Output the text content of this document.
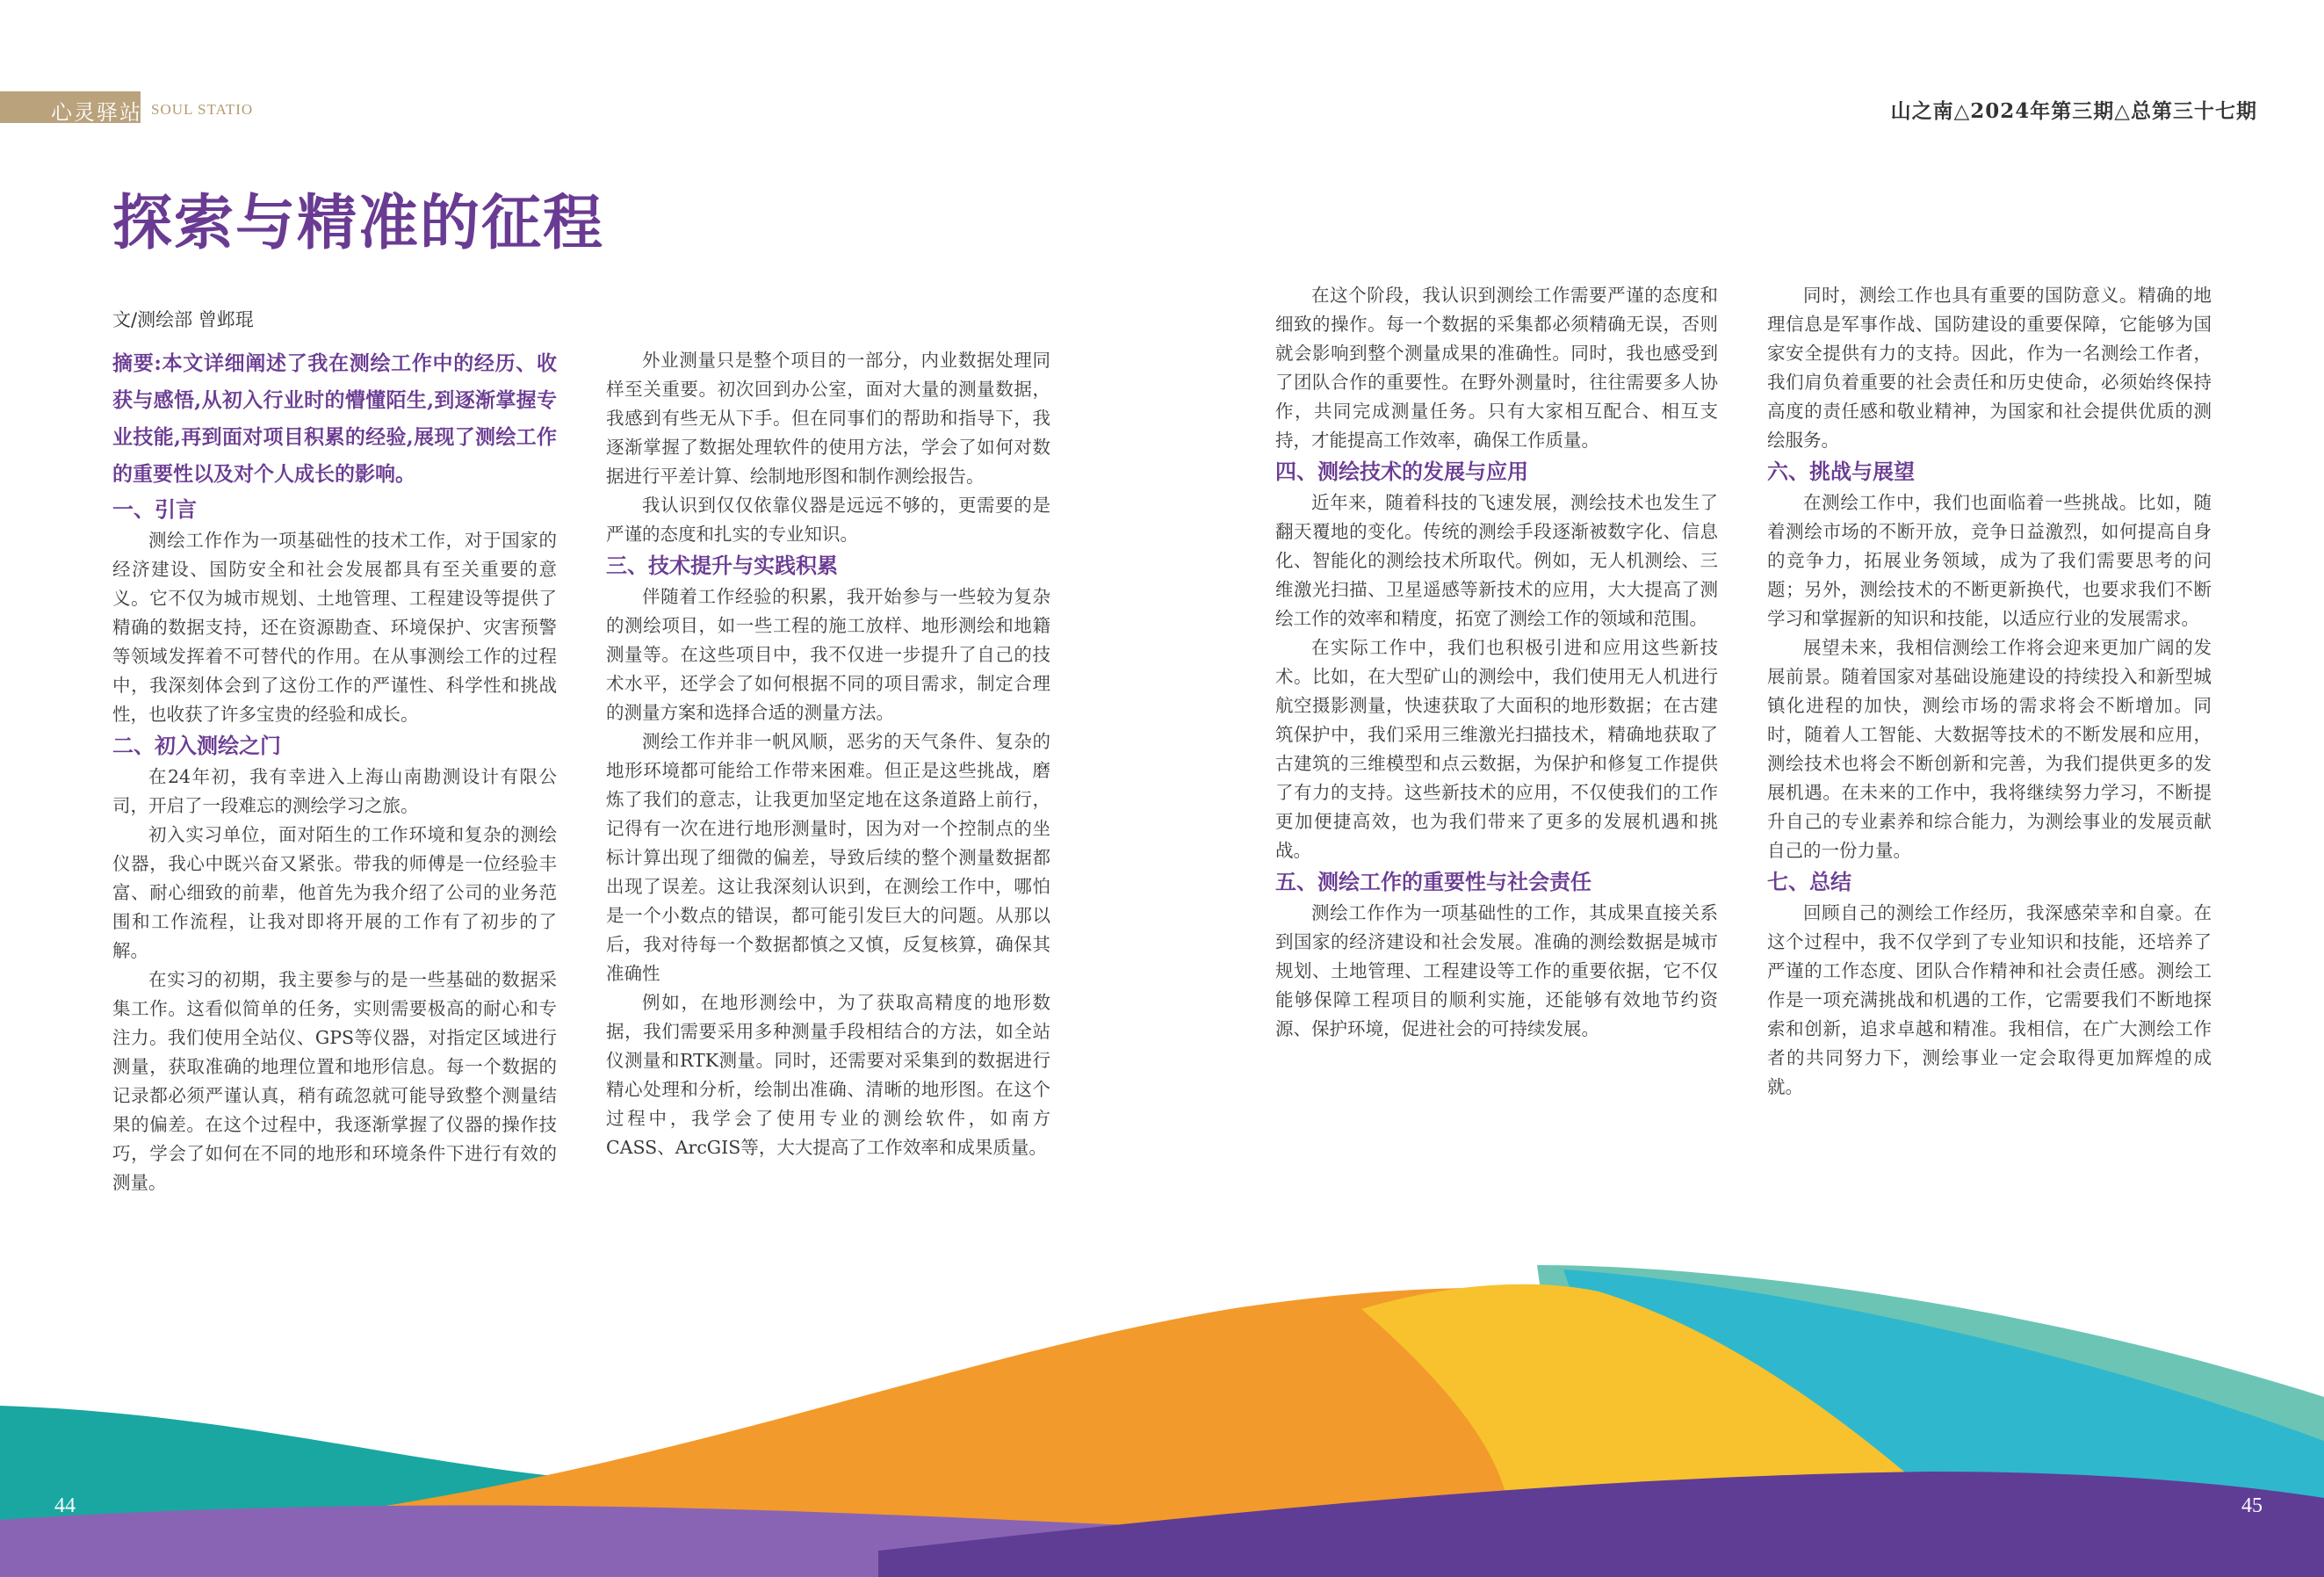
心灵驿站 SOUL STATIO	山之南△2024年第三期△总第三十七期
探索与精准的征程
文/测绘部 曾邺琨

摘要:本文详细阐述了我在测绘工作中的经历、收获与感悟,从初入行业时的懵懂陌生,到逐渐掌握专业技能,再到面对项目积累的经验,展现了测绘工作的重要性以及对个人成长的影响。

一、引言

测绘工作作为一项基础性的技术工作，对于国家的经济建设、国防安全和社会发展都具有至关重要的意义。它不仅为城市规划、土地管理、工程建设等提供了精确的数据支持，还在资源勘查、环境保护、灾害预警等领域发挥着不可替代的作用。在从事测绘工作的过程中，我深刻体会到了这份工作的严谨性、科学性和挑战性，也收获了许多宝贵的经验和成长。

二、初入测绘之门

在24年初，我有幸进入上海山南勘测设计有限公司，开启了一段难忘的测绘学习之旅。

初入实习单位，面对陌生的工作环境和复杂的测绘仪器，我心中既兴奋又紧张。带我的师傅是一位经验丰富、耐心细致的前辈，他首先为我介绍了公司的业务范围和工作流程，让我对即将开展的工作有了初步的了解。

在实习的初期，我主要参与的是一些基础的数据采集工作。这看似简单的任务，实则需要极高的耐心和专注力。我们使用全站仪、GPS等仪器，对指定区域进行测量，获取准确的地理位置和地形信息。每一个数据的记录都必须严谨认真，稍有疏忽就可能导致整个测量结果的偏差。在这个过程中，我逐渐掌握了仪器的操作技巧，学会了如何在不同的地形和环境条件下进行有效的测量。

外业测量只是整个项目的一部分，内业数据处理同样至关重要。初次回到办公室，面对大量的测量数据，我感到有些无从下手。但在同事们的帮助和指导下，我逐渐掌握了数据处理软件的使用方法，学会了如何对数据进行平差计算、绘制地形图和制作测绘报告。

我认识到仅仅依靠仪器是远远不够的，更需要的是严谨的态度和扎实的专业知识。

三、技术提升与实践积累

伴随着工作经验的积累，我开始参与一些较为复杂的测绘项目，如一些工程的施工放样、地形测绘和地籍测量等。在这些项目中，我不仅进一步提升了自己的技术水平，还学会了如何根据不同的项目需求，制定合理的测量方案和选择合适的测量方法。

测绘工作并非一帆风顺，恶劣的天气条件、复杂的地形环境都可能给工作带来困难。但正是这些挑战，磨炼了我们的意志，让我更加坚定地在这条道路上前行，记得有一次在进行地形测量时，因为对一个控制点的坐标计算出现了细微的偏差，导致后续的整个测量数据都出现了误差。这让我深刻认识到，在测绘工作中，哪怕是一个小数点的错误，都可能引发巨大的问题。从那以后，我对待每一个数据都慎之又慎，反复核算，确保其准确性

例如，在地形测绘中，为了获取高精度的地形数据，我们需要采用多种测量手段相结合的方法，如全站仪测量和RTK测量。同时，还需要对采集到的数据进行精心处理和分析，绘制出准确、清晰的地形图。在这个过程中，我学会了使用专业的测绘软件，如南方CASS、ArcGIS等，大大提高了工作效率和成果质量。

在这个阶段，我认识到测绘工作需要严谨的态度和细致的操作。每一个数据的采集都必须精确无误，否则就会影响到整个测量成果的准确性。同时，我也感受到了团队合作的重要性。在野外测量时，往往需要多人协作，共同完成测量任务。只有大家相互配合、相互支持，才能提高工作效率，确保工作质量。

四、测绘技术的发展与应用

近年来，随着科技的飞速发展，测绘技术也发生了翻天覆地的变化。传统的测绘手段逐渐被数字化、信息化、智能化的测绘技术所取代。例如，无人机测绘、三维激光扫描、卫星遥感等新技术的应用，大大提高了测绘工作的效率和精度，拓宽了测绘工作的领域和范围。

在实际工作中，我们也积极引进和应用这些新技术。比如，在大型矿山的测绘中，我们使用无人机进行航空摄影测量，快速获取了大面积的地形数据；在古建筑保护中，我们采用三维激光扫描技术，精确地获取了古建筑的三维模型和点云数据，为保护和修复工作提供了有力的支持。这些新技术的应用，不仅使我们的工作更加便捷高效，也为我们带来了更多的发展机遇和挑战。

五、测绘工作的重要性与社会责任

测绘工作作为一项基础性的工作，其成果直接关系到国家的经济建设和社会发展。准确的测绘数据是城市规划、土地管理、工程建设等工作的重要依据，它不仅能够保障工程项目的顺利实施，还能够有效地节约资源、保护环境，促进社会的可持续发展。

同时，测绘工作也具有重要的国防意义。精确的地理信息是军事作战、国防建设的重要保障，它能够为国家安全提供有力的支持。因此，作为一名测绘工作者，我们肩负着重要的社会责任和历史使命，必须始终保持高度的责任感和敬业精神，为国家和社会提供优质的测绘服务。

六、挑战与展望

在测绘工作中，我们也面临着一些挑战。比如，随着测绘市场的不断开放，竞争日益激烈，如何提高自身的竞争力，拓展业务领域，成为了我们需要思考的问题；另外，测绘技术的不断更新换代，也要求我们不断学习和掌握新的知识和技能，以适应行业的发展需求。

展望未来，我相信测绘工作将会迎来更加广阔的发展前景。随着国家对基础设施建设的持续投入和新型城镇化进程的加快，测绘市场的需求将会不断增加。同时，随着人工智能、大数据等技术的不断发展和应用，测绘技术也将会不断创新和完善，为我们提供更多的发展机遇。在未来的工作中，我将继续努力学习，不断提升自己的专业素养和综合能力，为测绘事业的发展贡献自己的一份力量。

七、总结

回顾自己的测绘工作经历，我深感荣幸和自豪。在这个过程中，我不仅学到了专业知识和技能，还培养了严谨的工作态度、团队合作精神和社会责任感。测绘工作是一项充满挑战和机遇的工作，它需要我们不断地探索和创新，追求卓越和精准。我相信，在广大测绘工作者的共同努力下，测绘事业一定会取得更加辉煌的成就。

44	45
